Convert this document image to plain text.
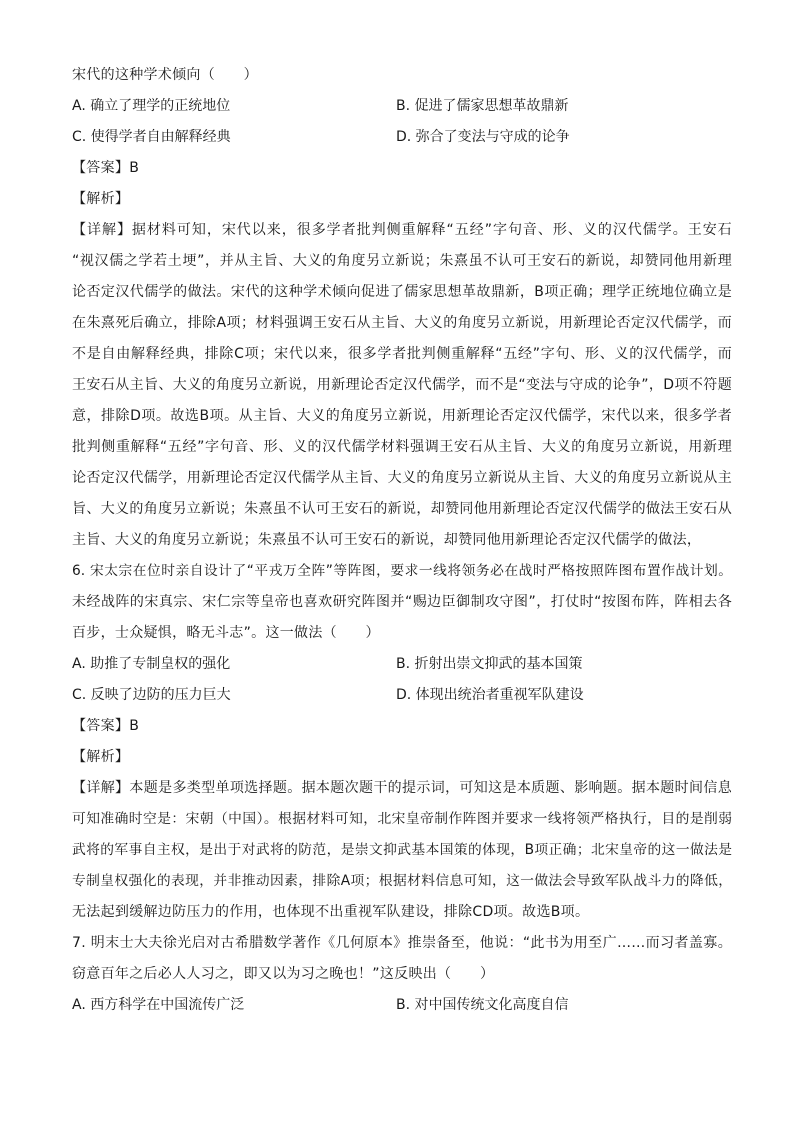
宋代的这种学术倾向（　　）
A. 确立了理学的正统地位	B. 促进了儒家思想革故鼎新
C. 使得学者自由解释经典	D. 弥合了变法与守成的论争
【答案】B
【解析】
【详解】据材料可知，宋代以来，很多学者批判侧重解释“五经”字句音、形、义的汉代儒学。王安石
“视汉儒之学若土埂”，并从主旨、大义的角度另立新说；朱熹虽不认可王安石的新说，却赞同他用新理
论否定汉代儒学的做法。宋代的这种学术倾向促进了儒家思想革故鼎新，B项正确；理学正统地位确立是
在朱熹死后确立，排除A项；材料强调王安石从主旨、大义的角度另立新说，用新理论否定汉代儒学，而
不是自由解释经典，排除C项；宋代以来，很多学者批判侧重解释“五经”字句、形、义的汉代儒学，而
王安石从主旨、大义的角度另立新说，用新理论否定汉代儒学，而不是“变法与守成的论争”，D项不符题
意，排除D项。故选B项。从主旨、大义的角度另立新说，用新理论否定汉代儒学，宋代以来，很多学者
批判侧重解释“五经”字句音、形、义的汉代儒学材料强调王安石从主旨、大义的角度另立新说，用新理
论否定汉代儒学，用新理论否定汉代儒学从主旨、大义的角度另立新说从主旨、大义的角度另立新说从主
旨、大义的角度另立新说；朱熹虽不认可王安石的新说，却赞同他用新理论否定汉代儒学的做法王安石从
主旨、大义的角度另立新说；朱熹虽不认可王安石的新说，却赞同他用新理论否定汉代儒学的做法，
6. 宋太宗在位时亲自设计了“平戎万全阵”等阵图，要求一线将领务必在战时严格按照阵图布置作战计划。
未经战阵的宋真宗、宋仁宗等皇帝也喜欢研究阵图并“赐边臣御制攻守图”，打仗时“按图布阵，阵相去各
百步，士众疑惧，略无斗志”。这一做法（　　）
A. 助推了专制皇权的强化	B. 折射出崇文抑武的基本国策
C. 反映了边防的压力巨大	D. 体现出统治者重视军队建设
【答案】B
【解析】
【详解】本题是多类型单项选择题。据本题次题干的提示词，可知这是本质题、影响题。据本题时间信息
可知准确时空是：宋朝（中国）。根据材料可知，北宋皇帝制作阵图并要求一线将领严格执行，目的是削弱
武将的军事自主权，是出于对武将的防范，是崇文抑武基本国策的体现，B项正确；北宋皇帝的这一做法是
专制皇权强化的表现，并非推动因素，排除A项；根据材料信息可知，这一做法会导致军队战斗力的降低，
无法起到缓解边防压力的作用，也体现不出重视军队建设，排除CD项。故选B项。
7. 明末士大夫徐光启对古希腊数学著作《几何原本》推崇备至，他说：“此书为用至广……而习者盖寡。
窃意百年之后必人人习之，即又以为习之晚也！”这反映出（　　）
A. 西方科学在中国流传广泛	B. 对中国传统文化高度自信
